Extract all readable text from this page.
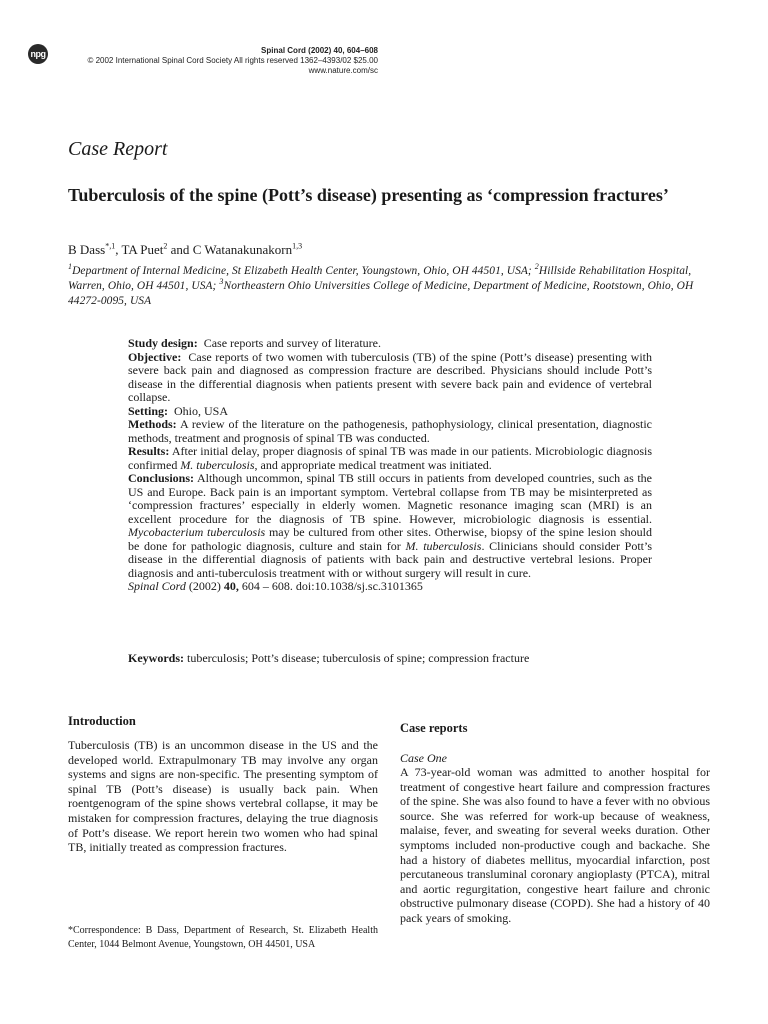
npg	Spinal Cord (2002) 40, 604–608
© 2002 International Spinal Cord Society All rights reserved 1362–4393/02 $25.00
www.nature.com/sc
Case Report
Tuberculosis of the spine (Pott’s disease) presenting as ‘compression fractures’
B Dass$^{*,1}$, TA Puet$^2$ and C Watanakunakorn$^{1,3}$
$^1$Department of Internal Medicine, St Elizabeth Health Center, Youngstown, Ohio, OH 44501, USA; $^2$Hillside Rehabilitation Hospital, Warren, Ohio, OH 44501, USA; $^3$Northeastern Ohio Universities College of Medicine, Department of Medicine, Rootstown, Ohio, OH 44272-0095, USA

Study design: Case reports and survey of literature.

Objective: Case reports of two women with tuberculosis (TB) of the spine (Pott’s disease) presenting with severe back pain and diagnosed as compression fracture are described. Physicians should include Pott’s disease in the differential diagnosis when patients present with severe back pain and evidence of vertebral collapse.

Setting: Ohio, USA

Methods: A review of the literature on the pathogenesis, pathophysiology, clinical presentation, diagnostic methods, treatment and prognosis of spinal TB was conducted.

Results: After initial delay, proper diagnosis of spinal TB was made in our patients. Microbiologic diagnosis confirmed M. tuberculosis, and appropriate medical treatment was initiated.

Conclusions: Although uncommon, spinal TB still occurs in patients from developed countries, such as the US and Europe. Back pain is an important symptom. Vertebral collapse from TB may be misinterpreted as ‘compression fractures’ especially in elderly women. Magnetic resonance imaging scan (MRI) is an excellent procedure for the diagnosis of TB spine. However, microbiologic diagnosis is essential. Mycobacterium tuberculosis may be cultured from other sites. Otherwise, biopsy of the spine lesion should be done for pathologic diagnosis, culture and stain for M. tuberculosis. Clinicians should consider Pott’s disease in the differential diagnosis of patients with back pain and destructive vertebral lesions. Proper diagnosis and anti-tuberculosis treatment with or without surgery will result in cure.

Spinal Cord (2002) 40, 604 – 608. doi:10.1038/sj.sc.3101365

Keywords: tuberculosis; Pott’s disease; tuberculosis of spine; compression fracture
Introduction
Tuberculosis (TB) is an uncommon disease in the US and the developed world. Extrapulmonary TB may involve any organ systems and signs are non-specific. The presenting symptom of spinal TB (Pott’s disease) is usually back pain. When roentgenogram of the spine shows vertebral collapse, it may be mistaken for compression fractures, delaying the true diagnosis of Pott’s disease. We report herein two women who had spinal TB, initially treated as compression fractures.
*Correspondence: B Dass, Department of Research, St. Elizabeth Health Center, 1044 Belmont Avenue, Youngstown, OH 44501, USA
Case reports
Case One
A 73-year-old woman was admitted to another hospital for treatment of congestive heart failure and compression fractures of the spine. She was also found to have a fever with no obvious source. She was referred for work-up because of weakness, malaise, fever, and sweating for several weeks duration. Other symptoms included non-productive cough and backache. She had a history of diabetes mellitus, myocardial infarction, post percutaneous transluminal coronary angioplasty (PTCA), mitral and aortic regurgitation, congestive heart failure and chronic obstructive pulmonary disease (COPD). She had a history of 40 pack years of smoking.
